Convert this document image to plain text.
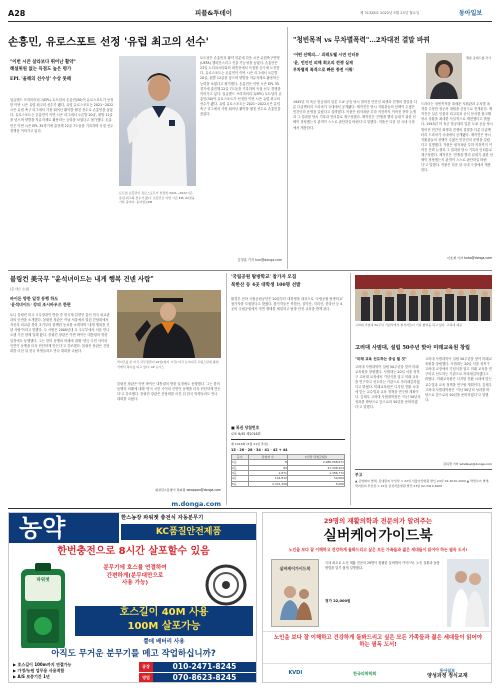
A28	피플&투데이	제 31328호 2022년 5월 23일 월요일	동아일보
손흥민, 유로스포트 선정 '유럽 최고의 선수'
"이번 시즌 살라보다 뛰어난 활약"
해설위원 없는 득점도 높은 평가
EPL '올해의 선수상' 수상 못해
일글랜드 프리미어리그(EPL) 토트넘의 손흥민(30)이 유로스포트가 선정한 이번 시즌 유럽 최고의 선수가 됐다. 유럽 유로스포트는 2021~2022시즌 유럽 축구 리그에서 가장 뛰어난 활약을 펼친 선수로 손흥민을 꼽았다. 유로스포트는 손흥민이 이번 시즌 리그에서 오른발 20골, 왼발 12골을 넣으며 양발을 자유자재로 활용하는 능력을 보였다고 평가했다. 손흥민은 이번 시즌 EPL 35경기에 출전해 22골 7도움을 기록하며 득점 선두 경쟁을 이어가고 있다.
토트넘 손흥민이 유로스포트가 선정한 2021~2022시즌 유럽 최고의 선수가 됐다. 손흥민은 이번 시즌 EPL 22골을 기록 중이다. 동아일보DB
토트넘은 손흥민의 활약 덕분에 다음 시즌 유럽축구연맹(UEFA) 챔피언스리그 진출 가능성을 높였다. 손흥민은 23일 노리치시티와의 최종전에서 득점왕 등극에 도전한다. 유로스포트는 손흥민이 이번 시즌 리그에서 오른발 20골, 왼발 12골을 넣으며 양발을 자유자재로 활용하는 능력을 보였다고 평가했다. 손흥민은 이번 시즌 EPL 35경기에 출전해 22골 7도움을 기록하며 득점 선두 경쟁을 이어가고 있다. 일글랜드 프리미어리그(EPL) 토트넘의 손흥민(30)이 유로스포트가 선정한 이번 시즌 유럽 최고의 선수가 됐다. 유럽 유로스포트는 2021~2022시즌 유럽 축구 리그에서 가장 뛰어난 활약을 펼친 선수로 손흥민을 꼽았다.
김정훈 기자 hun@donga.com
"청빈목적 vs 무차별폭력"…2차대전 결말 바꿔
'어떤 선택의…' 괴레도웰 시연 인터뷰
'윤, 빈안인 피해 회오의 전쟁 실제
무차별적 폭격으로 빠른 종전 이뤄'
맬콤 글래드웰 작가
1945년 미 육군 항공대의 일본 도쿄 공습 당시 벌어진 민간인 희생과 전쟁의 결말을 다룬 다큐멘터리 드라마가 국내에서 공개됐다. 제작진은 당시 지휘관들의 선택이 수많은 민간인의 운명을 갈랐다고 설명했다. 작품은 원자폭탄 투하 직전까지 이어진 전략 논쟁과 그 결과를 당시 기록과 인터뷰로 재구성했다. 제작진은 '전쟁을 빨리 끝내기 위한 선택이 정당했는지 관객이 스스로 판단하길 바란다'고 말했다. 작품은 다음 달 국내 극장에서 개봉한다.
드라마는 청빈목적을 내세운 지휘관과 무차별 폭격을 주장한 장군의 대립을 중심으로 전개된다. 제작진은 실존 인물의 회고록과 공식 문서를 참고해 당시 상황을 최대한 사실적으로 재현했다고 밝혔다. 1945년 미 육군 항공대의 일본 도쿄 공습 당시 벌어진 민간인 희생과 전쟁의 결말을 다룬 다큐멘터리 드라마가 국내에서 공개됐다. 제작진은 당시 지휘관들의 선택이 수많은 민간인의 운명을 갈랐다고 설명했다. 작품은 원자폭탄 투하 직전까지 이어진 전략 논쟁과 그 결과를 당시 기록과 인터뷰로 재구성했다. 제작진은 '전쟁을 빨리 끝내기 위한 선택이 정당했는지 관객이 스스로 판단하길 바란다'고 말했다. 작품은 다음 달 국내 극장에서 개봉한다.
이호재 기자 hoho@donga.com
블링컨 美국무 "윤석녀이드는 내게 행복 건넨 사람"
(홍 네모 손잡)
바이든 방한 일정 동행 하도
'윤석녀이드' 강의 조시바우즈 한편
토니 블링컨 미국 국무장관이 방한 중 한국계 입양인 출신 미국 외교관과의 인연을 소개했다. 블링컨 장관은 이날 서울에서 열린 간담회에서 자신의 외교관 경력 초기부터 함께한 동료를 소개하며 '내게 행복을 건넨 사람'이라고 말했다. 두 사람은 2000년대 초 국무부에서 처음 만나 오랜 기간 함께 일해 왔다. 블링컨 장관은 이번 바이든 대통령의 방한 일정에도 동행했다. 그는 한미 동맹의 미래에 대해 '양국 국민 사이의 인연이 동맹을 더욱 단단하게 만든다'고 강조했다. 블링컨 장관은 간담회를 마친 뒤 한국 학생들과도 만나 대화를 나눴다.
학사모를 쓴 미국 국무장관이 22일(현지 시간) 미국 뉴저지주 프린스턴대 졸업식에서 축사를 하고 있다. AP 뉴시스
블링컨 장관은 이번 바이든 대통령의 방한 일정에도 동행했다. 그는 한미 동맹의 미래에 대해 '양국 국민 사이의 인연이 동맹을 더욱 단단하게 만든다'고 강조했다. 블링컨 장관은 간담회를 마친 뒤 한국 학생들과도 만나 대화를 나눴다.
워싱턴=문병기 특파원 weappon@donga.com
m.donga.com
'국립공원 탐방학교' 참가자 모집
북한산 등 4곳 대학생 100명 선발
환경부 산하 국립공원공단은 20일부터 대학생을 대상으로 '국립공원 탐방학교' 참가자를 모집한다고 밝혔다. 참가자들은 북한산, 설악산, 지리산, 한라산 등 4곳의 국립공원에서 자연 생태를 체험하고 탐방 안전 교육을 받게 된다.
■ 복권 당첨번호
로또 6/45 제1016회
제 1016회 (5월 21일 추첨)
15 · 26 · 28 · 34 · 41 · 42 + 44
등수	당첨자 수	1인당 당첨금(원)
1등	8	2,986,068,671
2등	84	47,398,424
3등	2,871	1,386,772
4등	144,812	50,000
5등	2,431,306	5,000
고려대 사범대 50주년 기념식에서 참석자들이 기념 촬영을 하고 있다. 고려대 제공
고려대 사범대, 설립 50주년 맞아 미래교육원 창립
"미래 교육 선도하는 중심 될 것"
고려대 사범대학이 설립 50주년을 맞아 미래교육원을 창립했다. 사범대는 20일 서울 성북구 고려대 교정에서 기념식을 열고 미래 교육을 연구하고 선도하는 기관으로 자리매김하겠다고 밝혔다. 미래교육원은 디지털 전환 시대에 맞는 교수법과 교육 정책을 연구할 계획이다. 김채우 고려대 사범대학장은 '지난 50년의 성과를 바탕으로 앞으로의 50년을 준비하겠다'고 말했다.
고려대 사범대학이 설립 50주년을 맞아 미래교육원을 창립했다. 사범대는 20일 서울 성북구 고려대 교정에서 기념식을 열고 미래 교육을 연구하고 선도하는 기관으로 자리매김하겠다고 밝혔다. 미래교육원은 디지털 전환 시대에 맞는 교수법과 교육 정책을 연구할 계획이다. 김채우 고려대 사범대학장은 '지난 50년의 성과를 바탕으로 앞으로의 50년을 준비하겠다'고 말했다.
김하경 기자 whatsup@donga.com
부고
▲ 김영화씨 별세, 김대환씨 부인상 = 22일 서울아산병원 발인 24일 02-3010-2000 ▲ 박명수씨 별세, 박지현씨 부친상 = 21일 삼성서울병원 발인 23일 02-3410-6900
농약	한스농장 파워젯 충전식 자동분무기
KC품질안전제품
한번충전으로 8시간 살포할수 있음
파워젯
분무기에 호스를 연결하여
간편하게(분무대만으로
사용 가능)
호스길이 40M 사용
100M 살포가능
뿔데 배터리 사용
아직도 무거운 분무기를 메고 작업하십니까?
▶ 호스길이 100m까지 연결가능
▶ 가정/농원 업무용 사용적합
▶ A/S 보증기간 1년
공장	010-2471-8245
영업	070-8623-8245
29명의 재활의학과 전문의가 알려주는
실버케어 가이드북
노인을 보다 잘 이해하고 건강하게 돌봐드리고 싶은 모든 가족들과 젊은 세대들이 읽어야 하는 필독 도서!
실버케어가이드북
국내 최초로 노인 재활 전문의 29명이 집필한 실버케어 가이드북. 노인 질환과 돌봄 방법을 알기 쉽게 설명했다.
정가 22,000원
노인을 보다 잘 이해하고 건강하게 돌봐드리고 싶은 모든 가족들과 젊은 세대들이 읽어야 하는 필독 도서!
KVDI	한국의학학회
동아일보
양성과정 정식교재
